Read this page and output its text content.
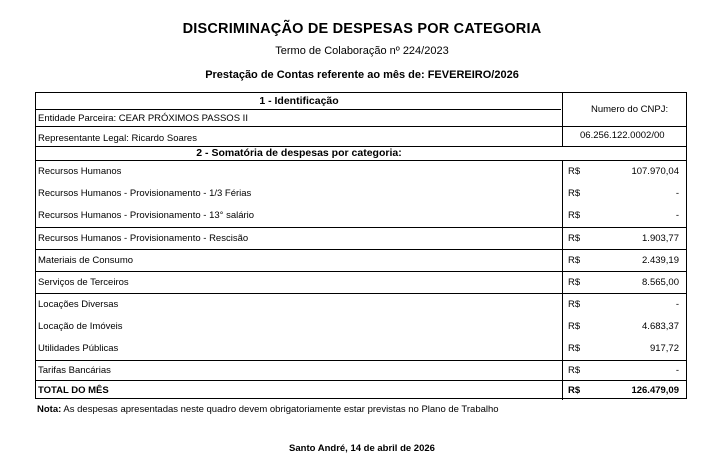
DISCRIMINAÇÃO DE DESPESAS POR CATEGORIA
Termo de Colaboração nº 224/2023
Prestação de Contas referente ao mês de: FEVEREIRO/2026
1 - Identificação
Entidade Parceira: CEAR PRÓXIMOS PASSOS II
Numero do CNPJ:
Representante Legal: Ricardo Soares	06.256.122.0002/00
2 - Somatória de despesas por categoria:
Recursos Humanos	R$	107.970,04
Recursos Humanos - Provisionamento - 1/3 Férias	R$	-
Recursos Humanos - Provisionamento - 13° salário	R$	-
Recursos Humanos - Provisionamento - Rescisão	R$	1.903,77
Materiais de Consumo	R$	2.439,19
Serviços de Terceiros	R$	8.565,00
Locações Diversas	R$	-
Locação de Imóveis	R$	4.683,37
Utilidades Públicas	R$	917,72
Tarifas Bancárias	R$	-
TOTAL DO MÊS	R$	126.479,09
Nota: As despesas apresentadas neste quadro devem obrigatoriamente estar previstas no Plano de Trabalho
Santo André, 14 de abril de 2026
